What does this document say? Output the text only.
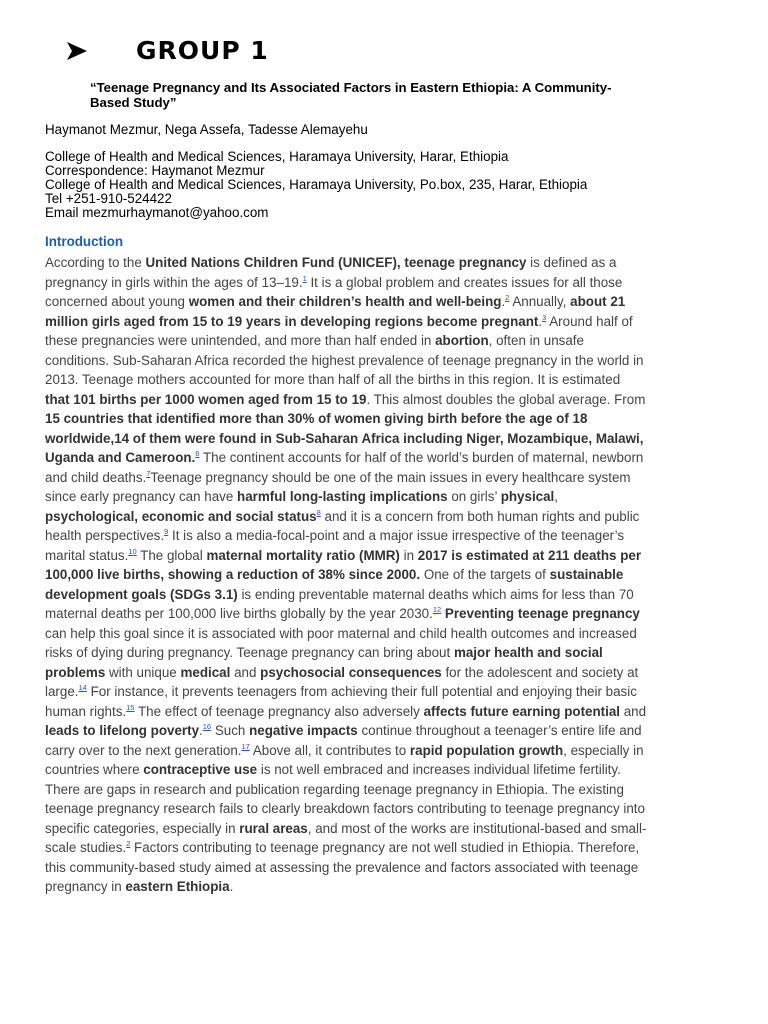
GROUP 1
“Teenage Pregnancy and Its Associated Factors in Eastern Ethiopia: A Community-
Based Study”
Haymanot Mezmur, Nega Assefa, Tadesse Alemayehu
College of Health and Medical Sciences, Haramaya University, Harar, Ethiopia
Correspondence: Haymanot Mezmur
College of Health and Medical Sciences, Haramaya University, Po.box, 235, Harar, Ethiopia
Tel +251-910-524422
Email mezmurhaymanot@yahoo.com
Introduction
According to the United Nations Children Fund (UNICEF), teenage pregnancy is defined as a
pregnancy in girls within the ages of 13–19.$^1$ It is a global problem and creates issues for all those
concerned about young women and their children’s health and well-being.$^2$ Annually, about 21
million girls aged from 15 to 19 years in developing regions become pregnant.$^3$ Around half of
these pregnancies were unintended, and more than half ended in abortion, often in unsafe
conditions. Sub-Saharan Africa recorded the highest prevalence of teenage pregnancy in the world in
2013. Teenage mothers accounted for more than half of all the births in this region. It is estimated
that 101 births per 1000 women aged from 15 to 19. This almost doubles the global average. From
15 countries that identified more than 30% of women giving birth before the age of 18
worldwide,14 of them were found in Sub-Saharan Africa including Niger, Mozambique, Malawi,
Uganda and Cameroon.$^6$ The continent accounts for half of the world’s burden of maternal, newborn
and child deaths.$^7$Teenage pregnancy should be one of the main issues in every healthcare system
since early pregnancy can have harmful long-lasting implications on girls’ physical,
psychological, economic and social status$^8$ and it is a concern from both human rights and public
health perspectives.$^9$ It is also a media-focal-point and a major issue irrespective of the teenager’s
marital status.$^{10}$ The global maternal mortality ratio (MMR) in 2017 is estimated at 211 deaths per
100,000 live births, showing a reduction of 38% since 2000. One of the targets of sustainable
development goals (SDGs 3.1) is ending preventable maternal deaths which aims for less than 70
maternal deaths per 100,000 live births globally by the year 2030.12 Preventing teenage pregnancy
can help this goal since it is associated with poor maternal and child health outcomes and increased
risks of dying during pregnancy. Teenage pregnancy can bring about major health and social
problems with unique medical and psychosocial consequences for the adolescent and society at
large.$^{14}$ For instance, it prevents teenagers from achieving their full potential and enjoying their basic
human rights.$^{15}$ The effect of teenage pregnancy also adversely affects future earning potential and
leads to lifelong poverty.$^{16}$ Such negative impacts continue throughout a teenager’s entire life and
carry over to the next generation.$^{17}$ Above all, it contributes to rapid population growth, especially in
countries where contraceptive use is not well embraced and increases individual lifetime fertility.
There are gaps in research and publication regarding teenage pregnancy in Ethiopia. The existing
teenage pregnancy research fails to clearly breakdown factors contributing to teenage pregnancy into
specific categories, especially in rural areas, and most of the works are institutional-based and small-
scale studies.$^2$ Factors contributing to teenage pregnancy are not well studied in Ethiopia. Therefore,
this community-based study aimed at assessing the prevalence and factors associated with teenage
pregnancy in eastern Ethiopia.
